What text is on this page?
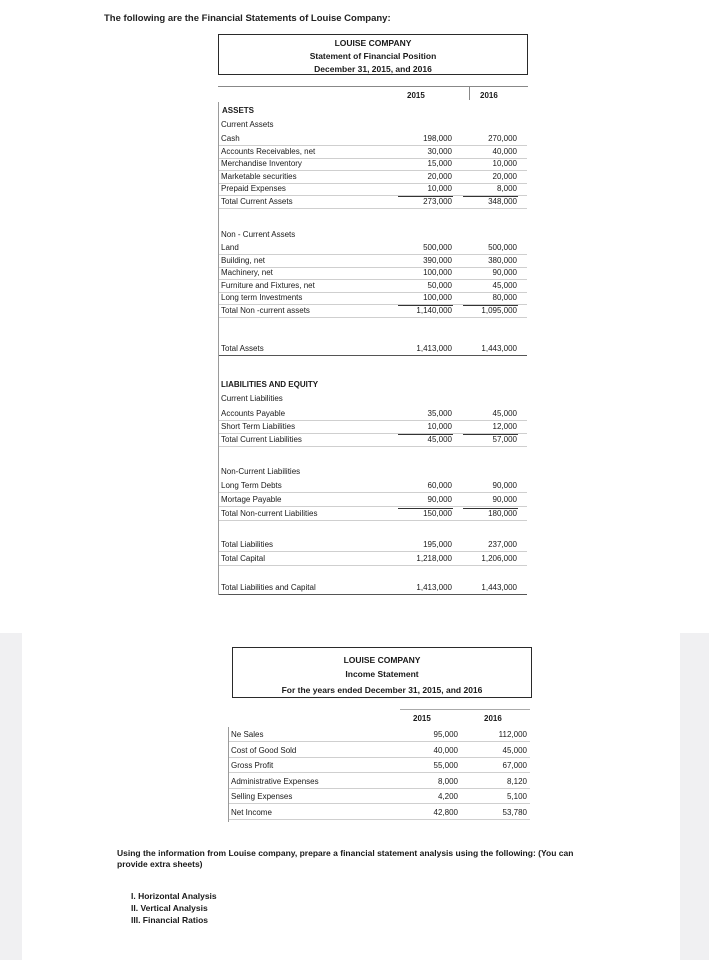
The following are the Financial Statements of Louise Company:
LOUISE COMPANY
Statement of Financial Position
December 31, 2015, and 2016
2015	2016
ASSETS
Current Assets
Cash	198,000	270,000
Accounts Receivables, net	30,000	40,000
Merchandise Inventory	15,000	10,000
Marketable securities	20,000	20,000
Prepaid Expenses	10,000	8,000
Total Current Assets	273,000	348,000
Non - Current Assets
Land	500,000	500,000
Building, net	390,000	380,000
Machinery, net	100,000	90,000
Furniture and Fixtures, net	50,000	45,000
Long term Investments	100,000	80,000
Total Non -current assets	1,140,000	1,095,000
Total Assets	1,413,000	1,443,000
LIABILITIES AND EQUITY
Current Liabilities
Accounts Payable	35,000	45,000
Short Term Liabilities	10,000	12,000
Total Current Liabilities	45,000	57,000
Non-Current Liabilities
Long Term Debts	60,000	90,000
Mortage Payable	90,000	90,000
Total Non-current Liabilities	150,000	180,000
Total Liabilities	195,000	237,000
Total Capital	1,218,000	1,206,000
Total Liabilities and Capital	1,413,000	1,443,000
LOUISE COMPANY
Income Statement
For the years ended December 31, 2015, and 2016
2015	2016
Ne Sales	95,000	112,000
Cost of Good Sold	40,000	45,000
Gross Profit	55,000	67,000
Administrative Expenses	8,000	8,120
Selling Expenses	4,200	5,100
Net Income	42,800	53,780
Using the information from Louise company, prepare a financial statement analysis using the following: (You can provide extra sheets)
I. Horizontal Analysis
II. Vertical Analysis
III. Financial Ratios
